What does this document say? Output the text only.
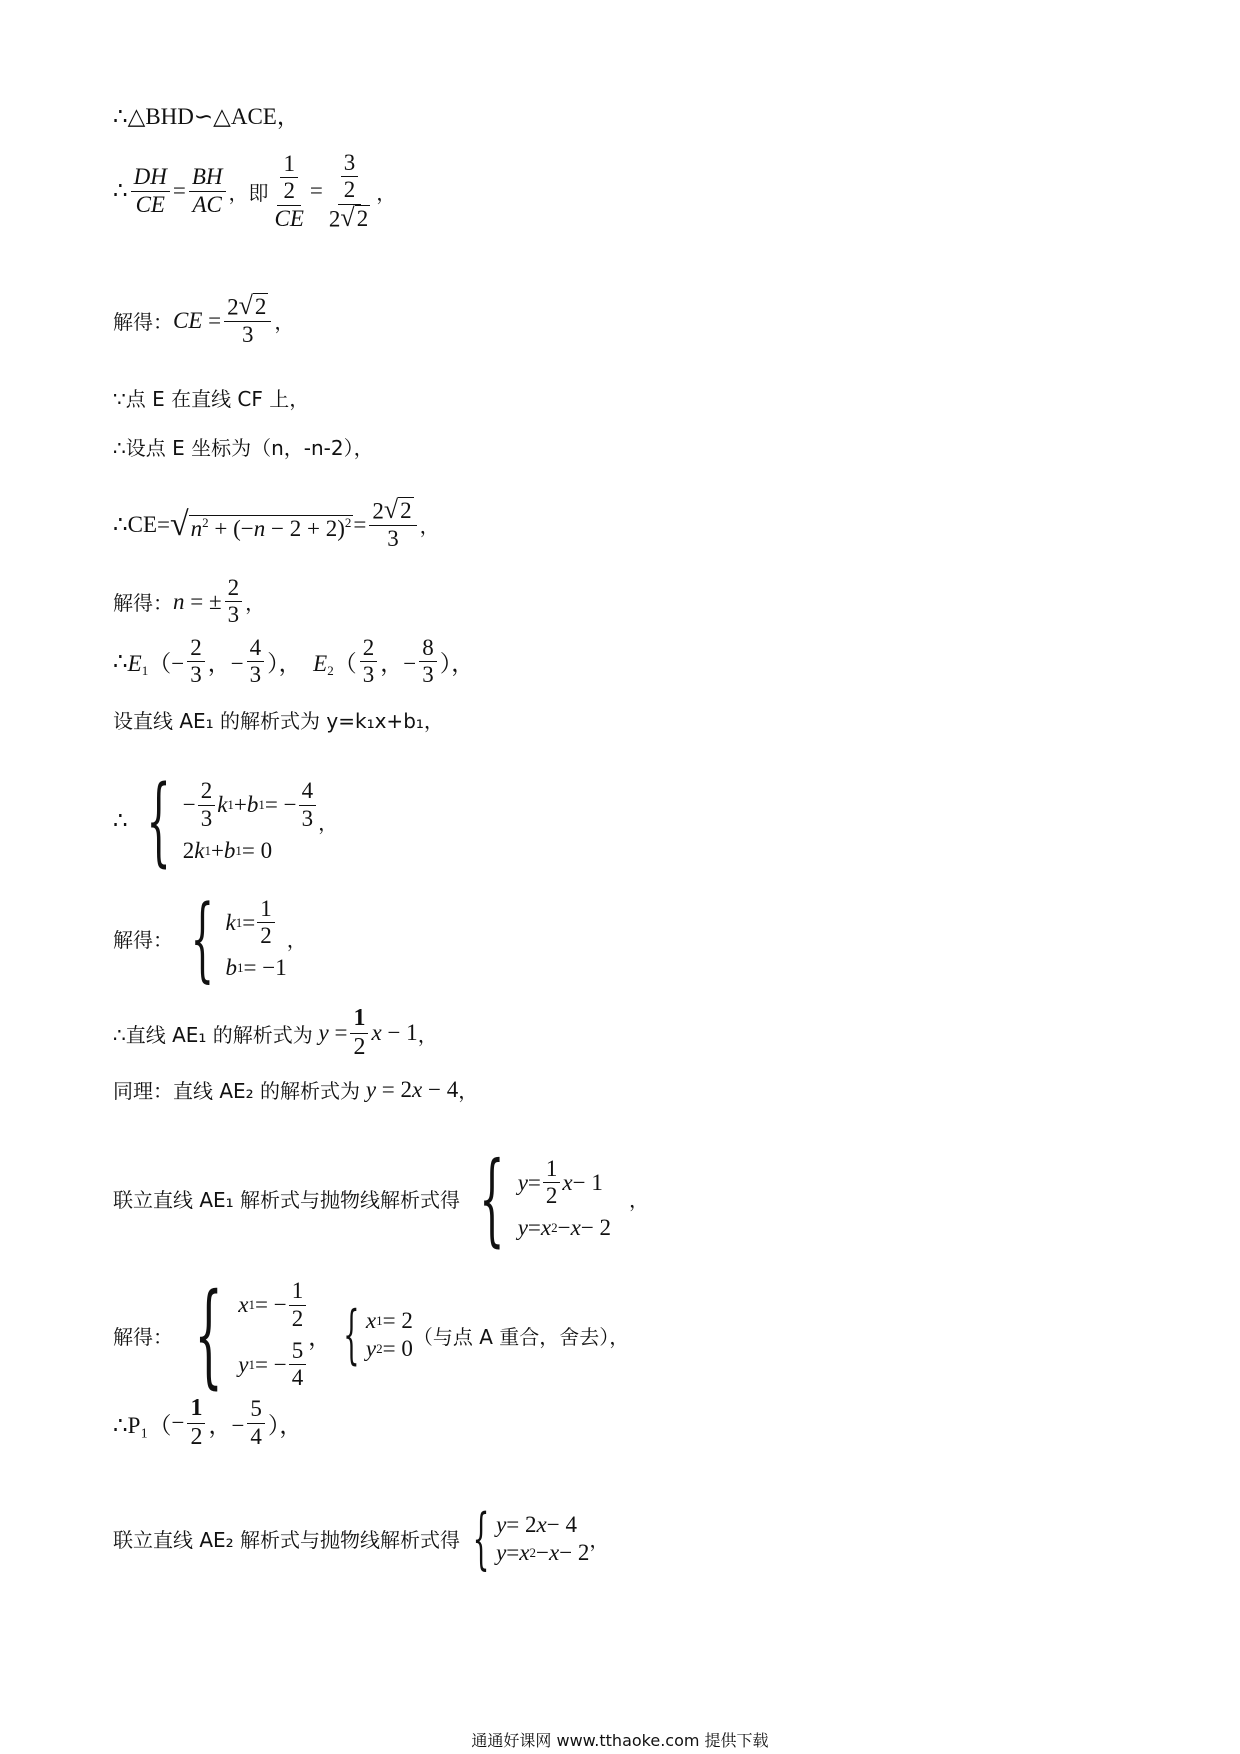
∴△BHD∽△ACE，
∴ $\frac{DH}{CE} = \frac{BH}{AC}$ ，即 $\frac{\frac{1}{2}}{CE} = \frac{\frac{3}{2}}{2 √ 2}$ ，
解得： CE = $\frac{2 √ 2}{3}$ ，
∵点 E 在直线 CF 上，
∴设点 E 坐标为（n，-n-2），
∴CE= √ $n^2 + (-n - 2 + 2)^2 = \frac{2 √ 2}{3}$ ，
解得： n = ± $\frac{2}{3}$ ，
∴ $E_1(- \frac{2}{3}$ ，− $\frac{4}{3}$ ），  $E_2( \frac{2}{3}$ ，− $\frac{8}{3}$ ），
设直线 AE₁ 的解析式为 y=k₁x+b₁，
∴ { − $\frac{2}{3}$ k 1 + b 1 = − $\frac{4}{3}$
2 k 1 + b 1 = 0
，
解得： { k $1 = \frac{1}{2}$
b 1 = −1
，
∴直线 AE₁ 的解析式为 $y = \frac{1}{2}$ x − 1 ，
同理：直线 AE₂ 的解析式为 y = 2x − 4 ，
联立直线 AE₁ 解析式与抛物线解析式得 { $y = \frac{1}{2}$ x − 1
y = x 2 − x − 2
，
解得： { x 1 = − $\frac{1}{2}$
y 1 = − $\frac{5}{4}$
， { x 1 = 2
y 2 = 0 （与点 A 重合，舍去），
∴P₁（ − $\frac{1}{2}$ ，− $\frac{5}{4}$ ），
联立直线 AE₂ 解析式与抛物线解析式得 { y = 2 x − 4
y = x 2 − x − 2 ，
通通好课网 www.tthaoke.com 提供下载
